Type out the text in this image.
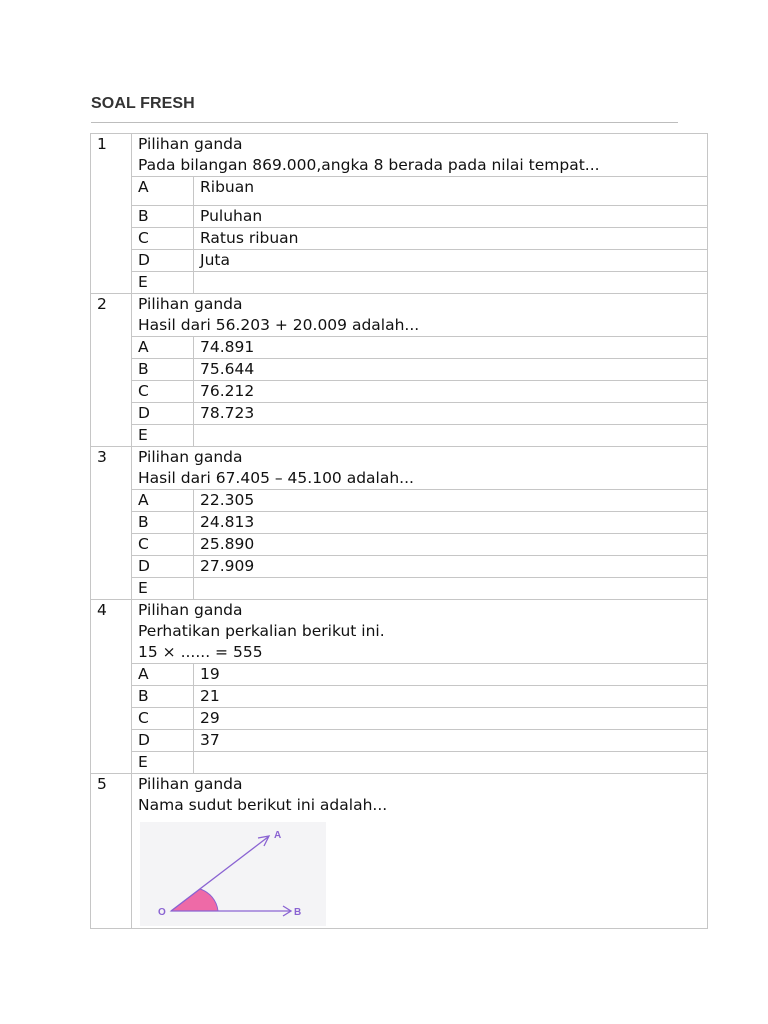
SOAL FRESH
1	Pilihan ganda
Pada bilangan 869.000,angka 8 berada pada nilai tempat...	

	A	Ribuan
	B	Puluhan
	C	Ratus ribuan
	D	Juta
	E	
2	Pilihan ganda
Hasil dari 56.203 + 20.009 adalah...	

	A	74.891
	B	75.644
	C	76.212
	D	78.723
	E	
3	Pilihan ganda
Hasil dari 67.405 – 45.100 adalah...	

	A	22.305
	B	24.813
	C	25.890
	D	27.909
	E	
4	Pilihan ganda
Perhatikan perkalian berikut ini.
15 × ...... = 555	

	A	19
	B	21
	C	29
	D	37
	E	
5	Pilihan ganda
Nama sudut berikut ini adalah...
O
A
B	
